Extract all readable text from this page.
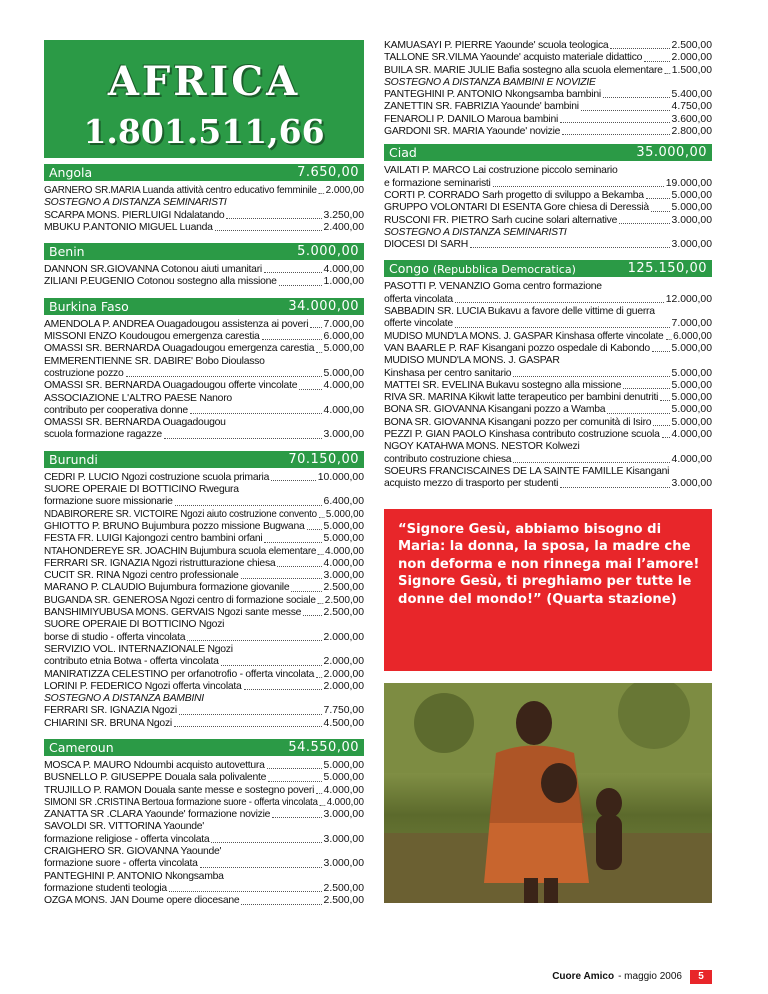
AFRICA
1.801.511,66
Angola	7.650,00
GARNERO SR.MARIA Luanda attività centro educativo femminile 2.000,00
SOSTEGNO A DISTANZA SEMINARISTI
SCARPA MONS. PIERLUIGI Ndalatando	3.250,00
MBUKU P.ANTONIO MIGUEL Luanda	2.400,00
Benin	5.000,00
DANNON SR.GIOVANNA Cotonou aiuti umanitari	4.000,00
ZILIANI P.EUGENIO Cotonou sostegno alla missione	1.000,00
Burkina Faso	34.000,00
AMENDOLA P. ANDREA Ouagadougou assistenza ai poveri 7.000,00
MISSONI ENZO Koudougou emergenza carestia	6.000,00
OMASSI SR. BERNARDA Ouagadougou emergenza carestia 5.000,00
EMMERENTIENNE SR. DABIRE' Bobo Dioulasso
costruzione pozzo	5.000,00
OMASSI SR. BERNARDA Ouagadougou offerte vincolate	4.000,00
ASSOCIAZIONE L'ALTRO PAESE Nanoro
contributo per cooperativa donne	4.000,00
OMASSI SR. BERNARDA Ouagadougou
scuola formazione ragazze	3.000,00
Burundi	70.150,00
CEDRI P. LUCIO Ngozi costruzione scuola primaria	10.000,00
SUORE OPERAIE DI BOTTICINO Rwegura
formazione suore missionarie	6.400,00
NDABIRORERE SR. VICTOIRE Ngozi aiuto costruzione convento 5.000,00
GHIOTTO P. BRUNO Bujumbura pozzo missione Bugwana 5.000,00
FESTA FR. LUIGI Kajongozi centro bambini orfani	5.000,00
NTAHONDEREYE SR. JOACHIN Bujumbura scuola elementare 4.000,00
FERRARI SR. IGNAZIA Ngozi ristrutturazione chiesa	4.000,00
CUCIT SR. RINA Ngozi centro professionale	3.000,00
MARANO P. CLAUDIO Bujumbura formazione giovanile	2.500,00
BUGANDA SR. GENEROSA Ngozi centro di formazione sociale 2.500,00
BANSHIMIYUBUSA MONS. GERVAIS Ngozi sante messe 2.500,00
SUORE OPERAIE DI BOTTICINO Ngozi
borse di studio - offerta vincolata	2.000,00
SERVIZIO VOL. INTERNAZIONALE Ngozi
contributo etnia Botwa - offerta vincolata	2.000,00
MANIRATIZZA CELESTINO per orfanotrofio - offerta vincolata 2.000,00
LORINI P. FEDERICO Ngozi offerta vincolata	2.000,00
SOSTEGNO A DISTANZA BAMBINI
FERRARI SR. IGNAZIA Ngozi	7.750,00
CHIARINI SR. BRUNA Ngozi	4.500,00
Cameroun	54.550,00
MOSCA P. MAURO Ndoumbi acquisto autovettura	5.000,00
BUSNELLO P. GIUSEPPE Douala sala polivalente	5.000,00
TRUJILLO P. RAMON Douala sante messe e sostegno poveri 4.000,00
SIMONI SR .CRISTINA Bertoua formazione suore - offerta vincolata 4.000,00
ZANATTA SR .CLARA Yaounde' formazione novizie	3.000,00
SAVOLDI SR. VITTORINA Yaounde'
formazione religiose - offerta vincolata	3.000,00
CRAIGHERO SR. GIOVANNA Yaounde'
formazione suore - offerta vincolata	3.000,00
PANTEGHINI P. ANTONIO Nkongsamba
formazione studenti teologia	2.500,00
OZGA MONS. JAN Doume opere diocesane	2.500,00
KAMUASAYI P. PIERRE Yaounde' scuola teologica	2.500,00
TALLONE SR.VILMA Yaounde' acquisto materiale didattico	2.000,00
BUILA SR. MARIE JULIE Bafia sostegno alla scuola elementare 1.500,00
SOSTEGNO A DISTANZA BAMBINI E NOVIZIE
PANTEGHINI P. ANTONIO Nkongsamba bambini	5.400,00
ZANETTIN SR. FABRIZIA Yaounde' bambini	4.750,00
FENAROLI P. DANILO Maroua bambini	3.600,00
GARDONI SR. MARIA Yaounde' novizie	2.800,00
Ciad	35.000,00
VAILATI P. MARCO Lai costruzione piccolo seminario
e formazione seminaristi	19.000,00
CORTI P. CORRADO Sarh progetto di sviluppo a Bekamba	5.000,00
GRUPPO VOLONTARI DI ESENTA Gore chiesa di Deressià 5.000,00
RUSCONI FR. PIETRO Sarh cucine solari alternative	3.000,00
SOSTEGNO A DISTANZA SEMINARISTI
DIOCESI DI SARH	3.000,00
Congo (Repubblica Democratica)	125.150,00
PASOTTI P. VENANZIO Goma centro formazione
offerta vincolata	12.000,00
SABBADIN SR. LUCIA Bukavu a favore delle vittime di guerra
offerte vincolate	7.000,00
MUDISO MUND'LA MONS. J. GASPAR Kinshasa offerte vincolate 6.000,00
VAN BAARLE P. RAF Kisangani pozzo ospedale di Kabondo 5.000,00
MUDISO MUND'LA MONS. J. GASPAR
Kinshasa per centro sanitario	5.000,00
MATTEI SR. EVELINA Bukavu sostegno alla missione	5.000,00
RIVA SR. MARINA Kikwit latte terapeutico per bambini denutriti 5.000,00
BONA SR. GIOVANNA Kisangani pozzo a Wamba	5.000,00
BONA SR. GIOVANNA Kisangani pozzo per comunità di Isiro 5.000,00
PEZZI P. GIAN PAOLO Kinshasa contributo costruzione scuola 4.000,00
NGOY KATAHWA MONS. NESTOR Kolwezi
contributo costruzione chiesa	4.000,00
SOEURS FRANCISCAINES DE LA SAINTE FAMILLE Kisangani
acquisto mezzo di trasporto per studenti	3.000,00
“Signore Gesù, abbiamo bisogno di Maria: la donna, la sposa, la madre che non deforma e non rinnega mai l’amore! Signore Gesù, ti preghiamo per tutte le donne del mondo!” (Quarta stazione)
Cuore Amico - maggio 2006	5
